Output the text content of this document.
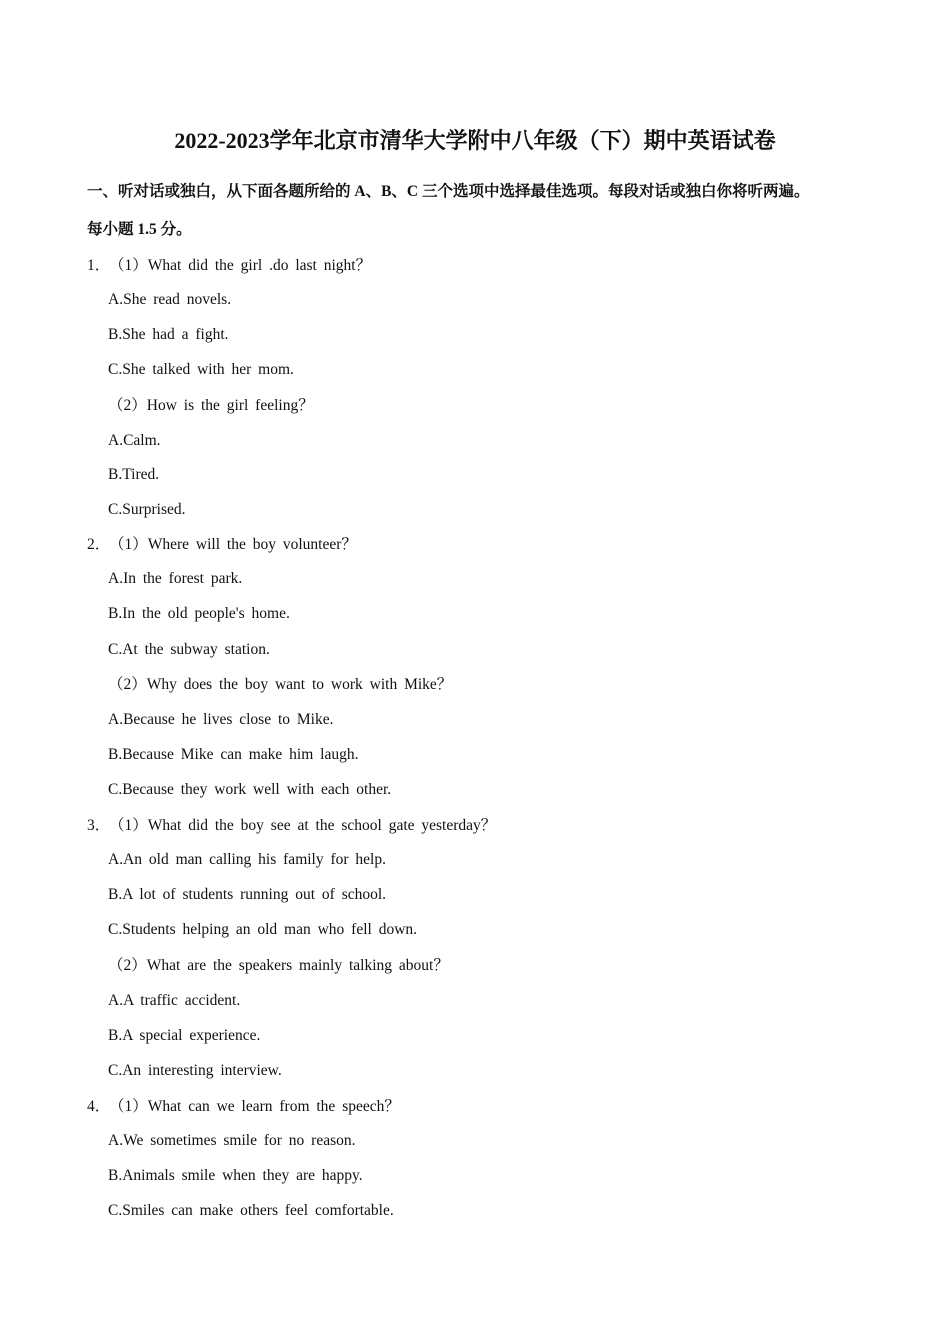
2022-2023学年北京市清华大学附中八年级（下）期中英语试卷
一、听对话或独白，从下面各题所给的 A、B、C 三个选项中选择最佳选项。每段对话或独白你将听两遍。
每小题 1.5 分。
1．（1）What did the girl .do last night？
A.She read novels.
B.She had a fight.
C.She talked with her mom.
（2）How is the girl feeling？
A.Calm.
B.Tired.
C.Surprised.
2．（1）Where will the boy volunteer？
A.In the forest park.
B.In the old people's home.
C.At the subway station.
（2）Why does the boy want to work with Mike？
A.Because he lives close to Mike.
B.Because Mike can make him laugh.
C.Because they work well with each other.
3．（1）What did the boy see at the school gate yesterday？
A.An old man calling his family for help.
B.A lot of students running out of school.
C.Students helping an old man who fell down.
（2）What are the speakers mainly talking about？
A.A traffic accident.
B.A special experience.
C.An interesting interview.
4．（1）What can we learn from the speech？
A.We sometimes smile for no reason.
B.Animals smile when they are happy.
C.Smiles can make others feel comfortable.
